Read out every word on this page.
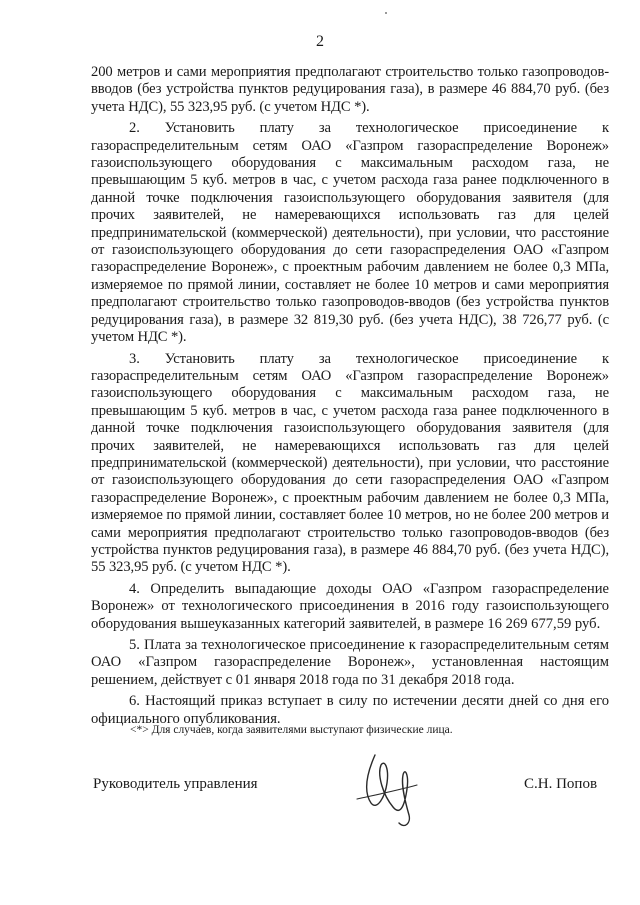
2

200 метров и сами мероприятия предполагают строительство только газопроводов-вводов (без устройства пунктов редуцирования газа), в размере 46 884,70 руб. (без учета НДС), 55 323,95 руб. (с учетом НДС *).

2. Установить плату за технологическое присоединение к газораспределительным сетям ОАО «Газпром газораспределение Воронеж» газоиспользующего оборудования с максимальным расходом газа, не превышающим 5 куб. метров в час, с учетом расхода газа ранее подключенного в данной точке подключения газоиспользующего оборудования заявителя (для прочих заявителей, не намеревающихся использовать газ для целей предпринимательской (коммерческой) деятельности), при условии, что расстояние от газоиспользующего оборудования до сети газораспределения ОАО «Газпром газораспределение Воронеж», с проектным рабочим давлением не более 0,3 МПа, измеряемое по прямой линии, составляет не более 10 метров и сами мероприятия предполагают строительство только газопроводов-вводов (без устройства пунктов редуцирования газа), в размере 32 819,30 руб. (без учета НДС), 38 726,77 руб. (с учетом НДС *).

3. Установить плату за технологическое присоединение к газораспределительным сетям ОАО «Газпром газораспределение Воронеж» газоиспользующего оборудования с максимальным расходом газа, не превышающим 5 куб. метров в час, с учетом расхода газа ранее подключенного в данной точке подключения газоиспользующего оборудования заявителя (для прочих заявителей, не намеревающихся использовать газ для целей предпринимательской (коммерческой) деятельности), при условии, что расстояние от газоиспользующего оборудования до сети газораспределения ОАО «Газпром газораспределение Воронеж», с проектным рабочим давлением не более 0,3 МПа, измеряемое по прямой линии, составляет более 10 метров, но не более 200 метров и сами мероприятия предполагают строительство только газопроводов-вводов (без устройства пунктов редуцирования газа), в размере 46 884,70 руб. (без учета НДС), 55 323,95 руб. (с учетом НДС *).

4. Определить выпадающие доходы ОАО «Газпром газораспределение Воронеж» от технологического присоединения в 2016 году газоиспользующего оборудования вышеуказанных категорий заявителей, в размере 16 269 677,59 руб.

5. Плата за технологическое присоединение к газораспределительным сетям ОАО «Газпром газораспределение Воронеж», установленная настоящим решением, действует с 01 января 2018 года по 31 декабря 2018 года.

6. Настоящий приказ вступает в силу по истечении десяти дней со дня его официального опубликования.

<*> Для случаев, когда заявителями выступают физические лица.
Руководитель управления	С.Н. Попов
